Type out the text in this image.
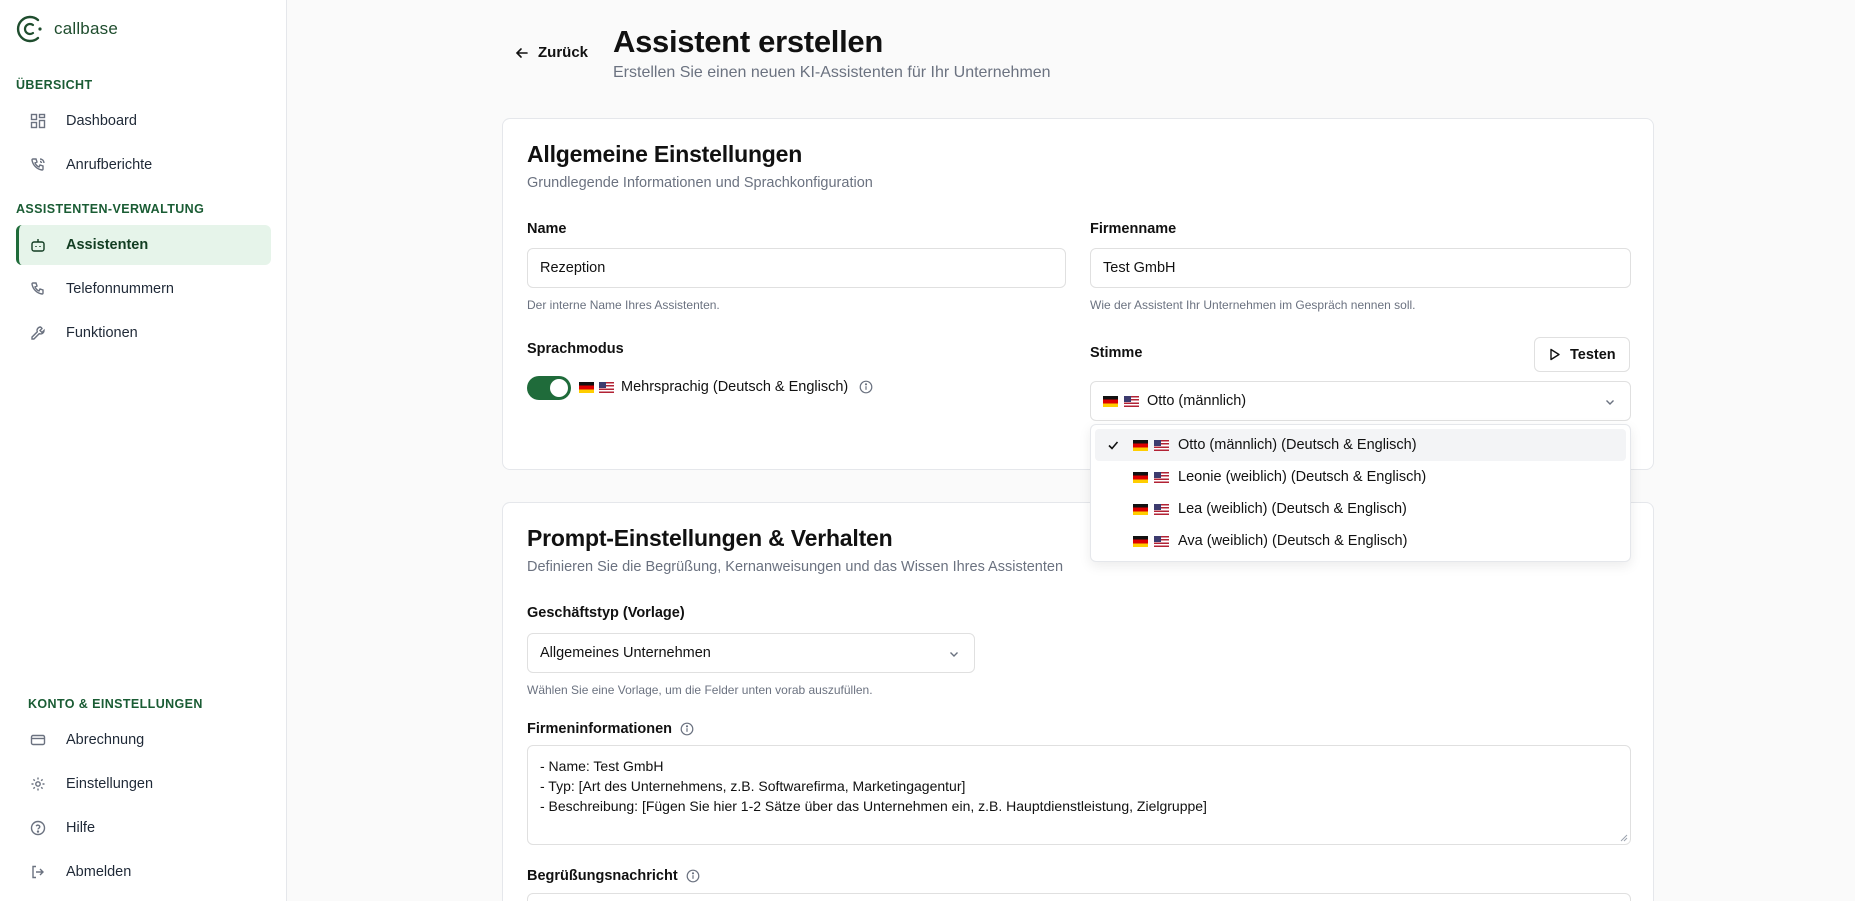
callbase
ÜBERSICHT
Dashboard
Anrufberichte
ASSISTENTEN-VERWALTUNG
Assistenten
Telefonnummern
Funktionen
KONTO & EINSTELLUNGEN
Abrechnung
Einstellungen
Hilfe
Abmelden
Zurück Assistent erstellen
Erstellen Sie einen neuen KI-Assistenten für Ihr Unternehmen
Allgemeine Einstellungen
Grundlegende Informationen und Sprachkonfiguration
Name
Rezeption
Der interne Name Ihres Assistenten.
Firmenname
Test GmbH
Wie der Assistent Ihr Unternehmen im Gespräch nennen soll.
Sprachmodus
Mehrsprachig (Deutsch & Englisch)
Stimme	Testen
Otto (männlich)
Prompt-Einstellungen & Verhalten
Definieren Sie die Begrüßung, Kernanweisungen und das Wissen Ihres Assistenten
Geschäftstyp (Vorlage)
Allgemeines Unternehmen
Wählen Sie eine Vorlage, um die Felder unten vorab auszufüllen.
Firmeninformationen
- Name: Test GmbH
- Typ: [Art des Unternehmens, z.B. Softwarefirma, Marketingagentur]
- Beschreibung: [Fügen Sie hier 1-2 Sätze über das Unternehmen ein, z.B. Hauptdienstleistung, Zielgruppe]
Begrüßungsnachricht
Otto (männlich) (Deutsch & Englisch)
Leonie (weiblich) (Deutsch & Englisch)
Lea (weiblich) (Deutsch & Englisch)
Ava (weiblich) (Deutsch & Englisch)
